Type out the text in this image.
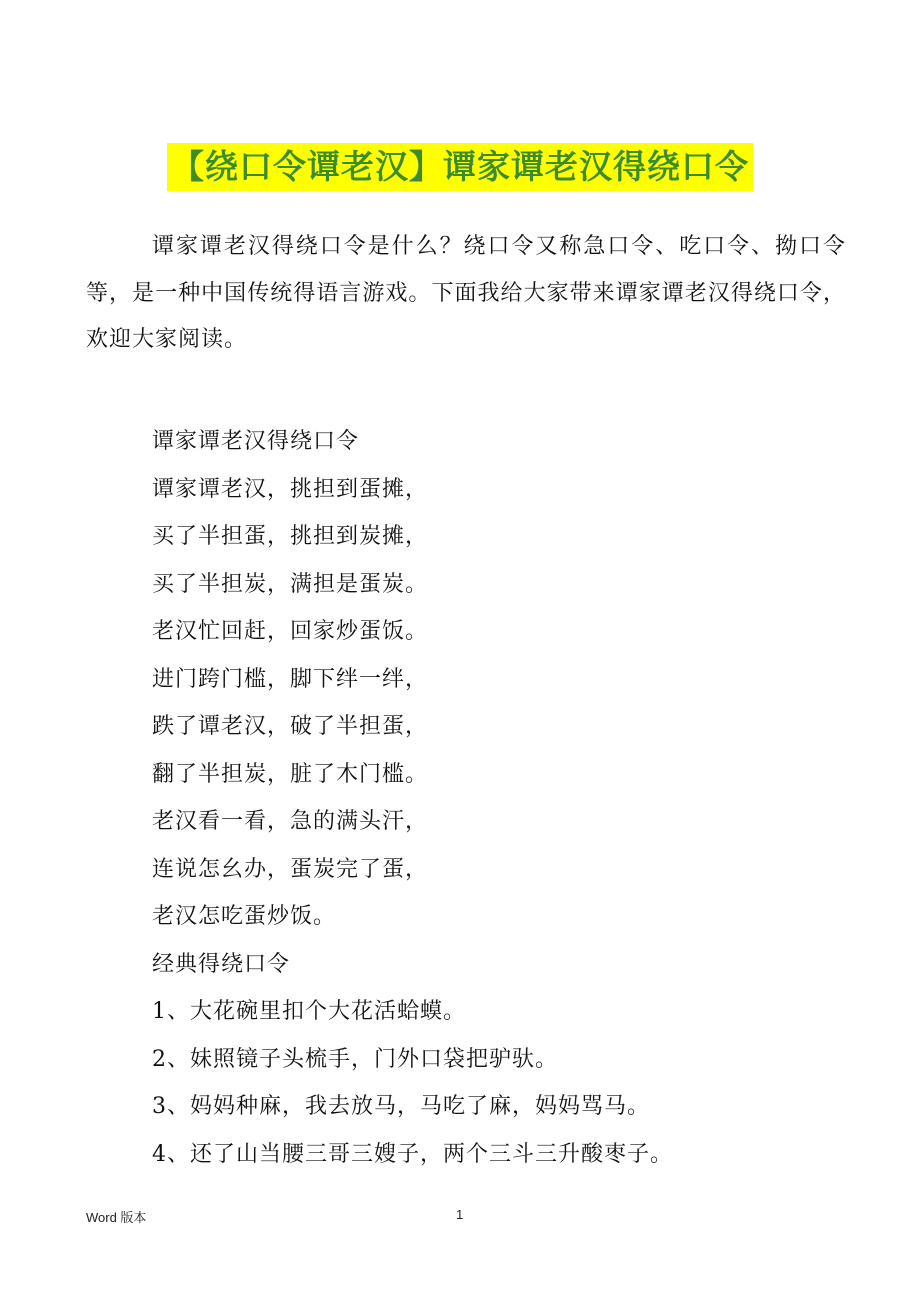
【绕口令谭老汉】谭家谭老汉得绕口令

谭家谭老汉得绕口令是什么？绕口令又称急口令、吃口令、拗口令等，是一种中国传统得语言游戏。下面我给大家带来谭家谭老汉得绕口令，欢迎大家阅读。

谭家谭老汉得绕口令
谭家谭老汉，挑担到蛋摊，
买了半担蛋，挑担到炭摊，
买了半担炭，满担是蛋炭。
老汉忙回赶，回家炒蛋饭。
进门跨门槛，脚下绊一绊，
跌了谭老汉，破了半担蛋，
翻了半担炭，脏了木门槛。
老汉看一看，急的满头汗，
连说怎幺办，蛋炭完了蛋，
老汉怎吃蛋炒饭。
经典得绕口令
1、大花碗里扣个大花活蛤蟆。
2、妹照镜子头梳手，门外口袋把驴驮。
3、妈妈种麻，我去放马，马吃了麻，妈妈骂马。
4、还了山当腰三哥三嫂子，两个三斗三升酸枣子。
Word 版本	1
